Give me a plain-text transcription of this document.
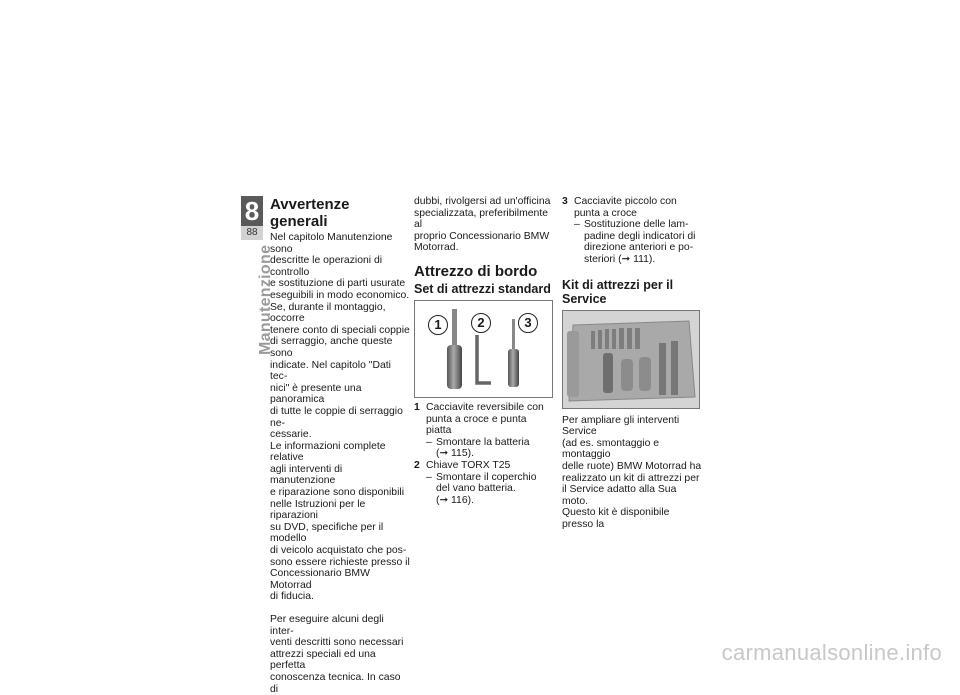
8
88
Manutenzione
Avvertenze generali

Nel capitolo Manutenzione sono
descritte le operazioni di controllo
e sostituzione di parti usurate
eseguibili in modo economico.
Se, durante il montaggio, occorre
tenere conto di speciali coppie
di serraggio, anche queste sono
indicate. Nel capitolo "Dati tec-
nici" è presente una panoramica
di tutte le coppie di serraggio ne-
cessarie.
Le informazioni complete relative
agli interventi di manutenzione
e riparazione sono disponibili
nelle Istruzioni per le riparazioni
su DVD, specifiche per il modello
di veicolo acquistato che pos-
sono essere richieste presso il
Concessionario BMW Motorrad
di fiducia.

Per eseguire alcuni degli inter-
venti descritti sono necessari
attrezzi speciali ed una perfetta
conoscenza tecnica. In caso di

dubbi, rivolgersi ad un'officina
specializzata, preferibilmente al
proprio Concessionario BMW
Motorrad.

Attrezzo di bordo
Set di attrezzi standard
1	2	3
1 Cacciavite reversibile con
punta a croce e punta
piatta
– Smontare la batteria
(➞ 115).
2 Chiave TORX T25
– Smontare il coperchio
del vano batteria.
(➞ 116).
3 Cacciavite piccolo con
punta a croce
– Sostituzione delle lam-
padine degli indicatori di
direzione anteriori e po-
steriori (➞ 111).
Kit di attrezzi per il
Service

Per ampliare gli interventi Service
(ad es. smontaggio e montaggio
delle ruote) BMW Motorrad ha
realizzato un kit di attrezzi per
il Service adatto alla Sua moto.
Questo kit è disponibile presso la

carmanualsonline.info
